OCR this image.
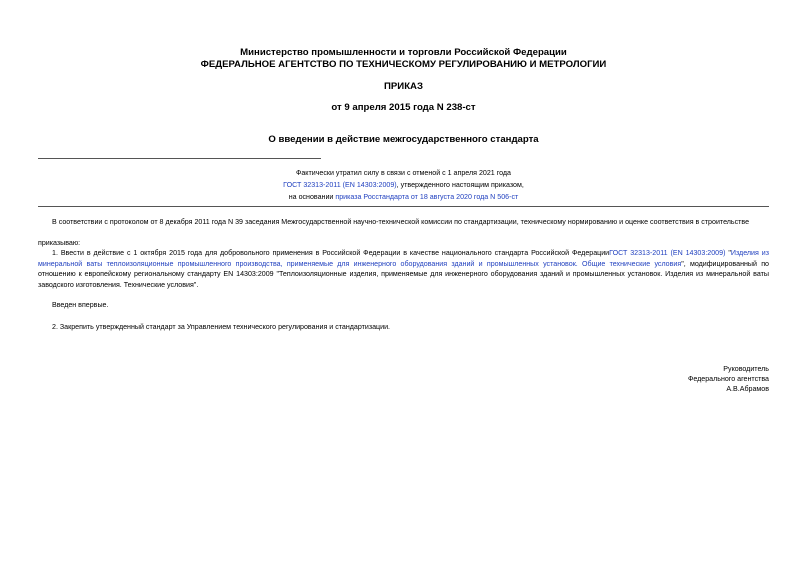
Министерство промышленности и торговли Российской Федерации
ФЕДЕРАЛЬНОЕ АГЕНТСТВО ПО ТЕХНИЧЕСКОМУ РЕГУЛИРОВАНИЮ И МЕТРОЛОГИИ
ПРИКАЗ
от 9 апреля 2015 года N 238-ст
О введении в действие межгосударственного стандарта
Фактически утратил силу в связи с отменой с 1 апреля 2021 года
ГОСТ 32313-2011 (EN 14303:2009), утвержденного настоящим приказом,
на основании приказа Росстандарта от 18 августа 2020 года N 506-ст
В соответствии с протоколом от 8 декабря 2011 года N 39 заседания Межгосударственной научно-технической комиссии по стандартизации, техническому нормированию и оценке соответствия в строительстве
приказываю:
1. Ввести в действие с 1 октября 2015 года для добровольного применения в Российской Федерации в качестве национального стандарта Российской ФедерацииГОСТ 32313-2011 (EN 14303:2009) "Изделия из минеральной ваты теплоизоляционные промышленного производства, применяемые для инженерного оборудования зданий и промышленных установок. Общие технические условия", модифицированный по отношению к европейскому региональному стандарту EN 14303:2009 "Теплоизоляционные изделия, применяемые для инженерного оборудования зданий и промышленных установок. Изделия из минеральной ваты заводского изготовления. Технические условия".
Введен впервые.
2. Закрепить утвержденный стандарт за Управлением технического регулирования и стандартизации.
Руководитель
Федерального агентства
А.В.Абрамов
